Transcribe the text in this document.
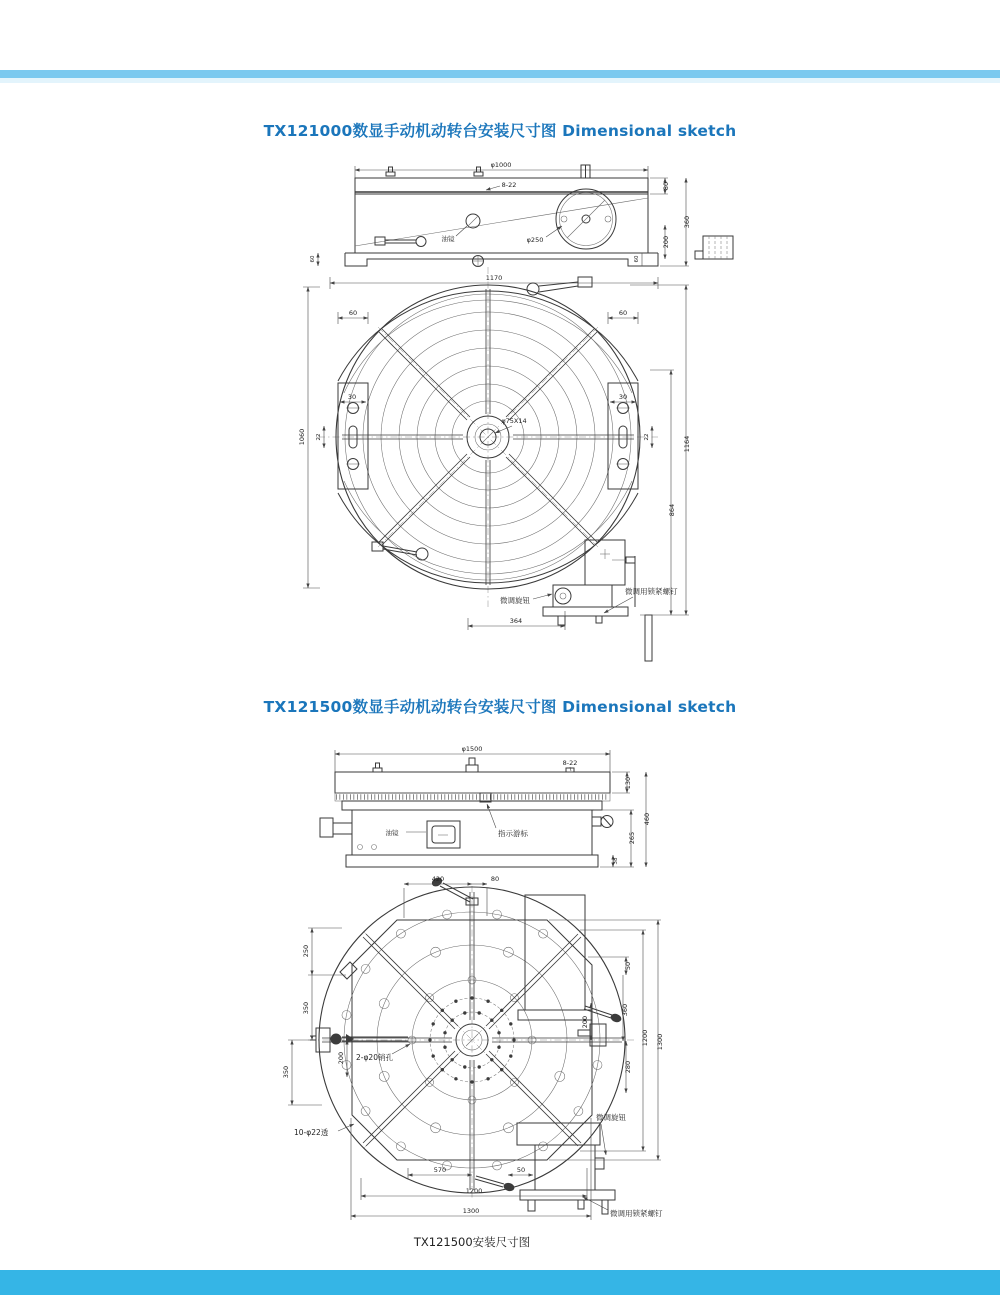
TX121000数显手动机动转台安装尺寸图 Dimensional sketch
φ1000
8-22
φ250
油镜
80
200
360
60
60
1170
微调旋钮
微调用锁紧螺钉
364
1060	1164
864
60	60
30	30
22	22
φ75X14
TX121500数显手动机动转台安装尺寸图 Dimensional sketch
φ1500
8-22
油镜	指示游标
130
265
460
38
420	80
250
350
200
350
2-φ20销孔
10-φ22透
50
360
200
280
1200 1300
微调旋钮
微调用锁紧螺钉
570	50
1200
1300
TX121500安装尺寸图
